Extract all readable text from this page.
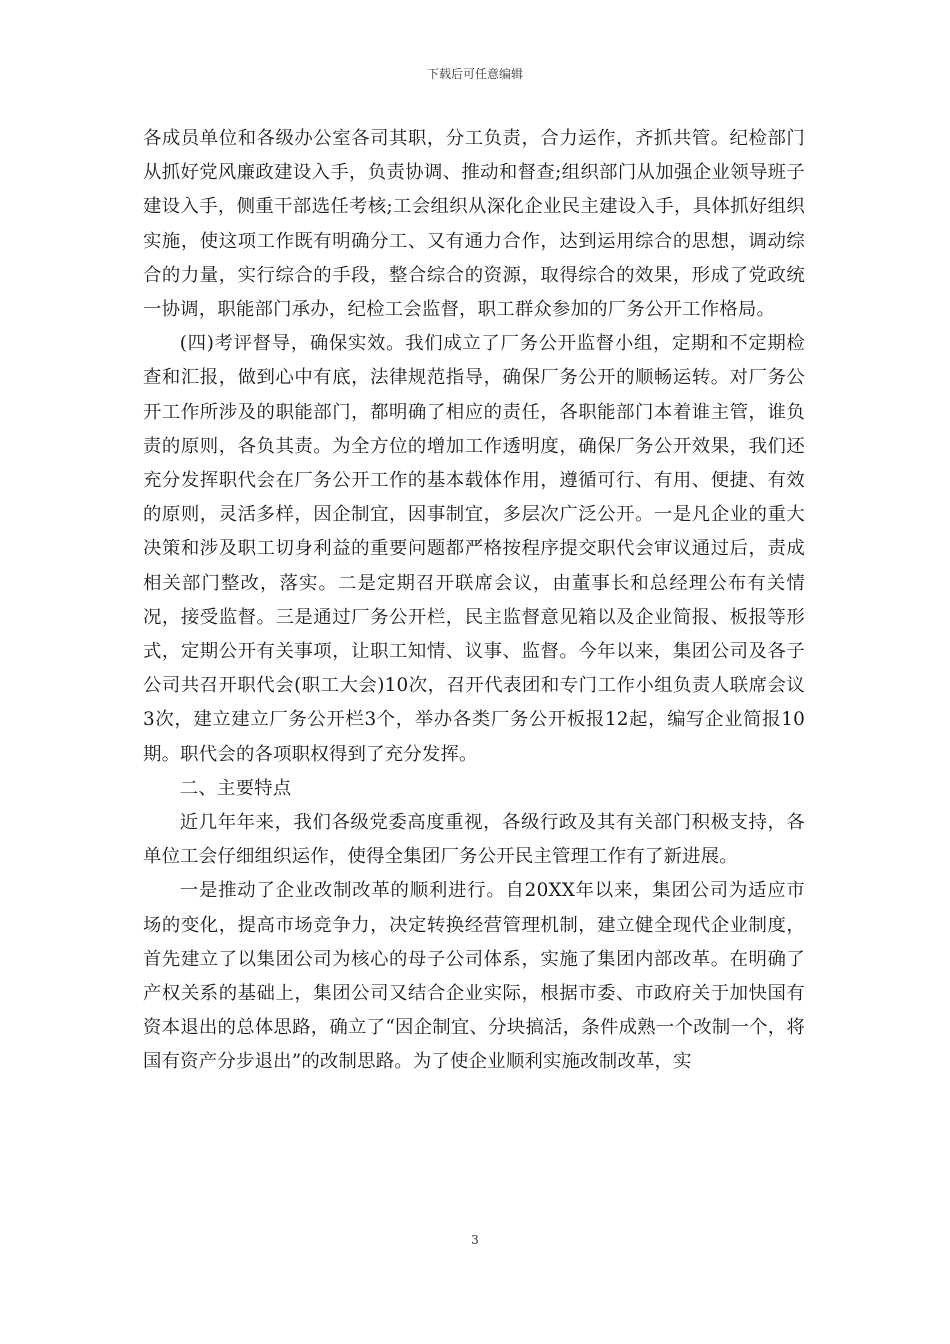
下载后可任意编辑

各成员单位和各级办公室各司其职，分工负责，合力运作，齐抓共管。纪检部门从抓好党风廉政建设入手，负责协调、推动和督查;组织部门从加强企业领导班子建设入手，侧重干部选任考核;工会组织从深化企业民主建设入手，具体抓好组织实施，使这项工作既有明确分工、又有通力合作，达到运用综合的思想，调动综合的力量，实行综合的手段，整合综合的资源，取得综合的效果，形成了党政统一协调，职能部门承办，纪检工会监督，职工群众参加的厂务公开工作格局。

(四)考评督导，确保实效。我们成立了厂务公开监督小组，定期和不定期检查和汇报，做到心中有底，法律规范指导，确保厂务公开的顺畅运转。对厂务公开工作所涉及的职能部门，都明确了相应的责任，各职能部门本着谁主管，谁负责的原则，各负其责。为全方位的增加工作透明度，确保厂务公开效果，我们还充分发挥职代会在厂务公开工作的基本载体作用，遵循可行、有用、便捷、有效的原则，灵活多样，因企制宜，因事制宜，多层次广泛公开。一是凡企业的重大决策和涉及职工切身利益的重要问题都严格按程序提交职代会审议通过后，责成相关部门整改，落实。二是定期召开联席会议，由董事长和总经理公布有关情况，接受监督。三是通过厂务公开栏，民主监督意见箱以及企业简报、板报等形式，定期公开有关事项，让职工知情、议事、监督。今年以来，集团公司及各子公司共召开职代会(职工大会)10次，召开代表团和专门工作小组负责人联席会议3次，建立建立厂务公开栏3个，举办各类厂务公开板报12起，编写企业简报10期。职代会的各项职权得到了充分发挥。

二、主要特点

近几年年来，我们各级党委高度重视，各级行政及其有关部门积极支持，各单位工会仔细组织运作，使得全集团厂务公开民主管理工作有了新进展。

一是推动了企业改制改革的顺利进行。自20XX年以来，集团公司为适应市场的变化，提高市场竞争力，决定转换经营管理机制，建立健全现代企业制度，首先建立了以集团公司为核心的母子公司体系，实施了集团内部改革。在明确了产权关系的基础上，集团公司又结合企业实际，根据市委、市政府关于加快国有资本退出的总体思路，确立了“因企制宜、分块搞活，条件成熟一个改制一个，将国有资产分步退出”的改制思路。为了使企业顺利实施改制改革，实

3
